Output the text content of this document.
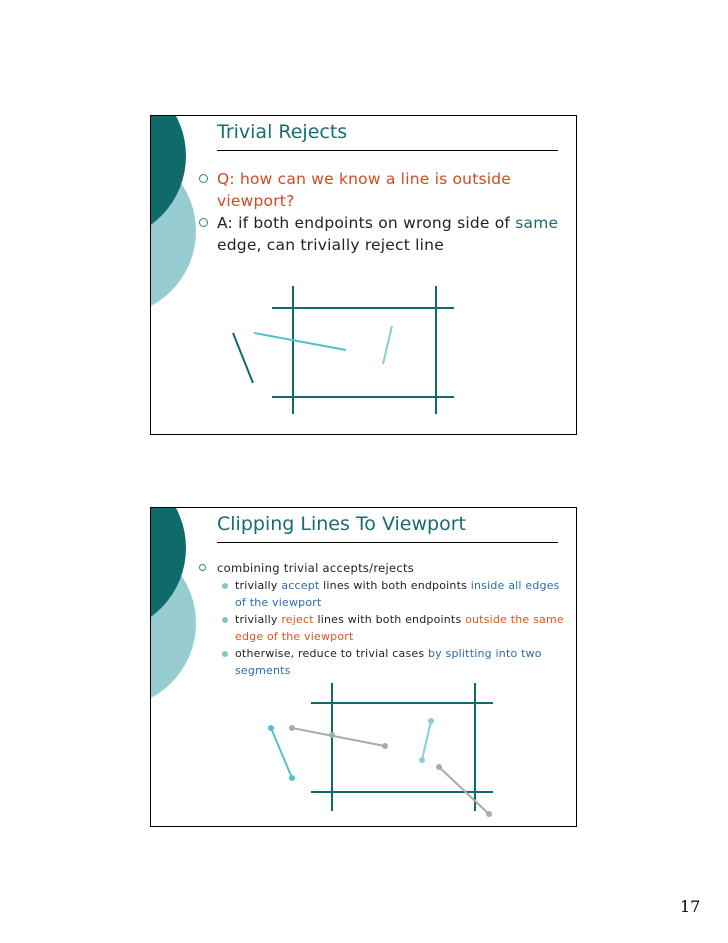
Trivial Rejects
Q: how can we know a line is outside viewport?
A: if both endpoints on wrong side of same edge, can trivially reject line
Clipping Lines To Viewport
combining trivial accepts/rejects
trivially accept lines with both endpoints inside all edges of the viewport
trivially reject lines with both endpoints outside the same edge of the viewport
otherwise, reduce to trivial cases by splitting into two segments
17
